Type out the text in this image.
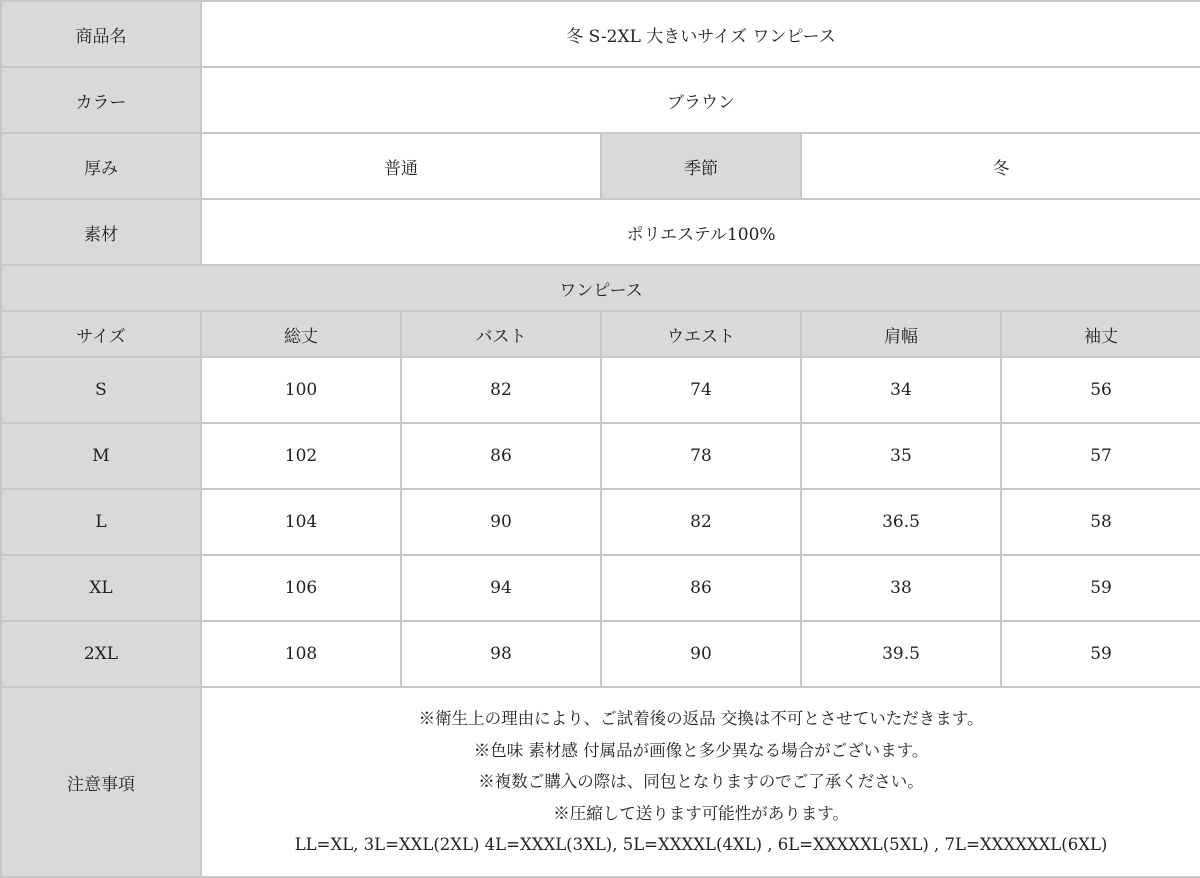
商品名	冬 S-2XL 大きいサイズ ワンピース				
カラー	ブラウン				
厚み	普通		季節	冬	
素材	ポリエステル100%				
ワンピース					
サイズ	総丈	バスト	ウエスト	肩幅	袖丈
S	100	82	74	34	56
M	102	86	78	35	57
L	104	90	82	36.5	58
XL	106	94	86	38	59
2XL	108	98	90	39.5	59
注意事項	※衛生上の理由により、ご試着後の返品 交換は不可とさせていただきます。
※色味 素材感 付属品が画像と多少異なる場合がございます。
※複数ご購入の際は、同包となりますのでご了承ください。
※圧縮して送ります可能性があります。
LL=XL, 3L=XXL(2XL) 4L=XXXL(3XL), 5L=XXXXL(4XL) , 6L=XXXXXL(5XL) , 7L=XXXXXXL(6XL)				
